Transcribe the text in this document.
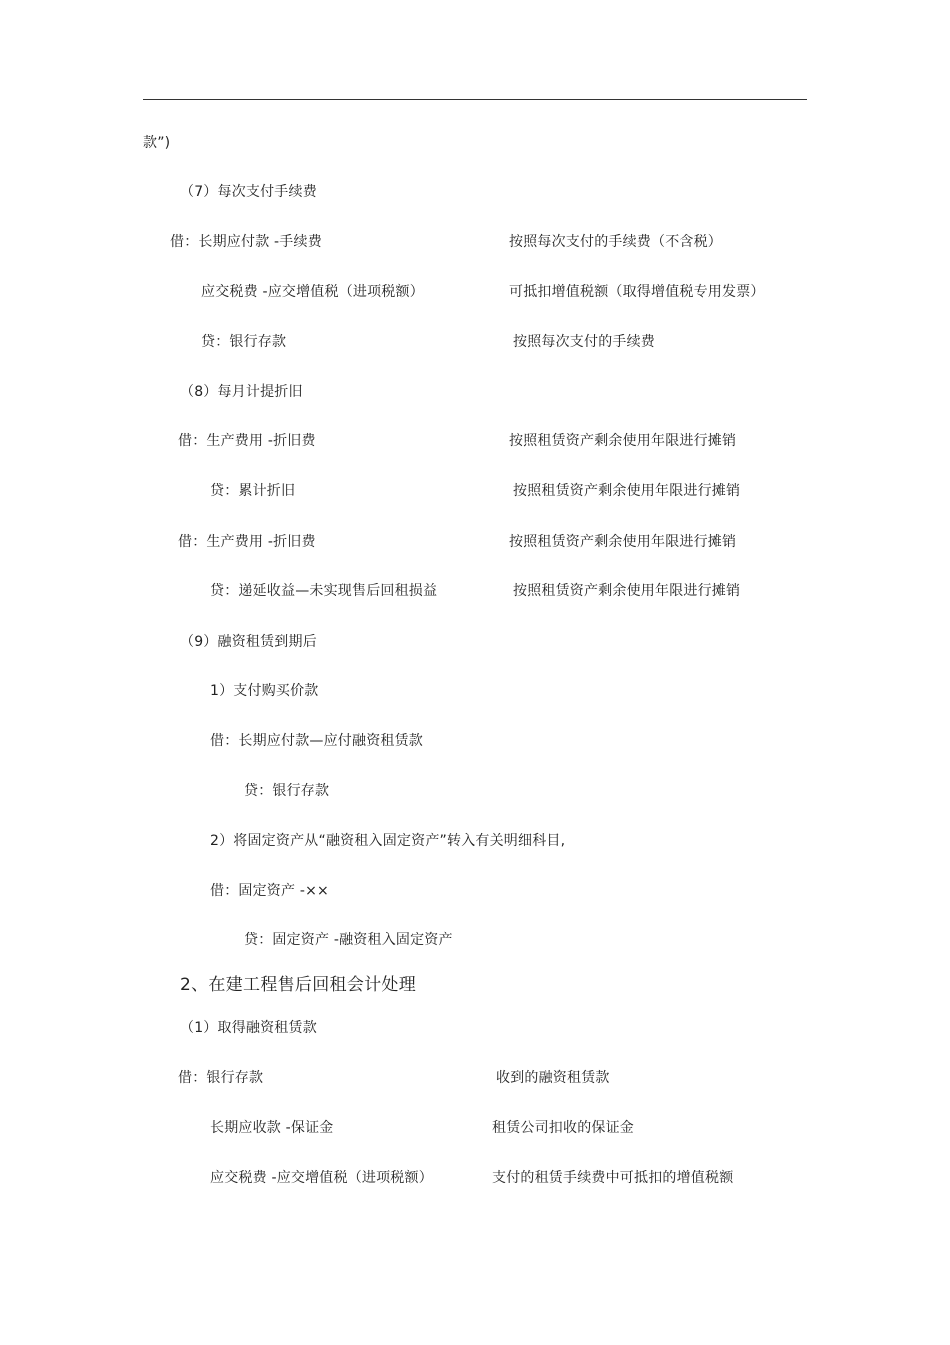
款”)
（7）每次支付手续费
借：长期应付款 -手续费	按照每次支付的手续费（不含税）
应交税费 -应交增值税（进项税额）	可抵扣增值税额（取得增值税专用发票）
贷：银行存款	按照每次支付的手续费
（8）每月计提折旧
借：生产费用 -折旧费	按照租赁资产剩余使用年限进行摊销
贷：累计折旧	按照租赁资产剩余使用年限进行摊销
借：生产费用 -折旧费	按照租赁资产剩余使用年限进行摊销
贷：递延收益—未实现售后回租损益	按照租赁资产剩余使用年限进行摊销
（9）融资租赁到期后
1）支付购买价款
借：长期应付款—应付融资租赁款
贷：银行存款
2）将固定资产从“融资租入固定资产”转入有关明细科目,
借：固定资产 -××
贷：固定资产 -融资租入固定资产
2、在建工程售后回租会计处理
（1）取得融资租赁款
借：银行存款	收到的融资租赁款
长期应收款 -保证金	租赁公司扣收的保证金
应交税费 -应交增值税（进项税额）	支付的租赁手续费中可抵扣的增值税额
